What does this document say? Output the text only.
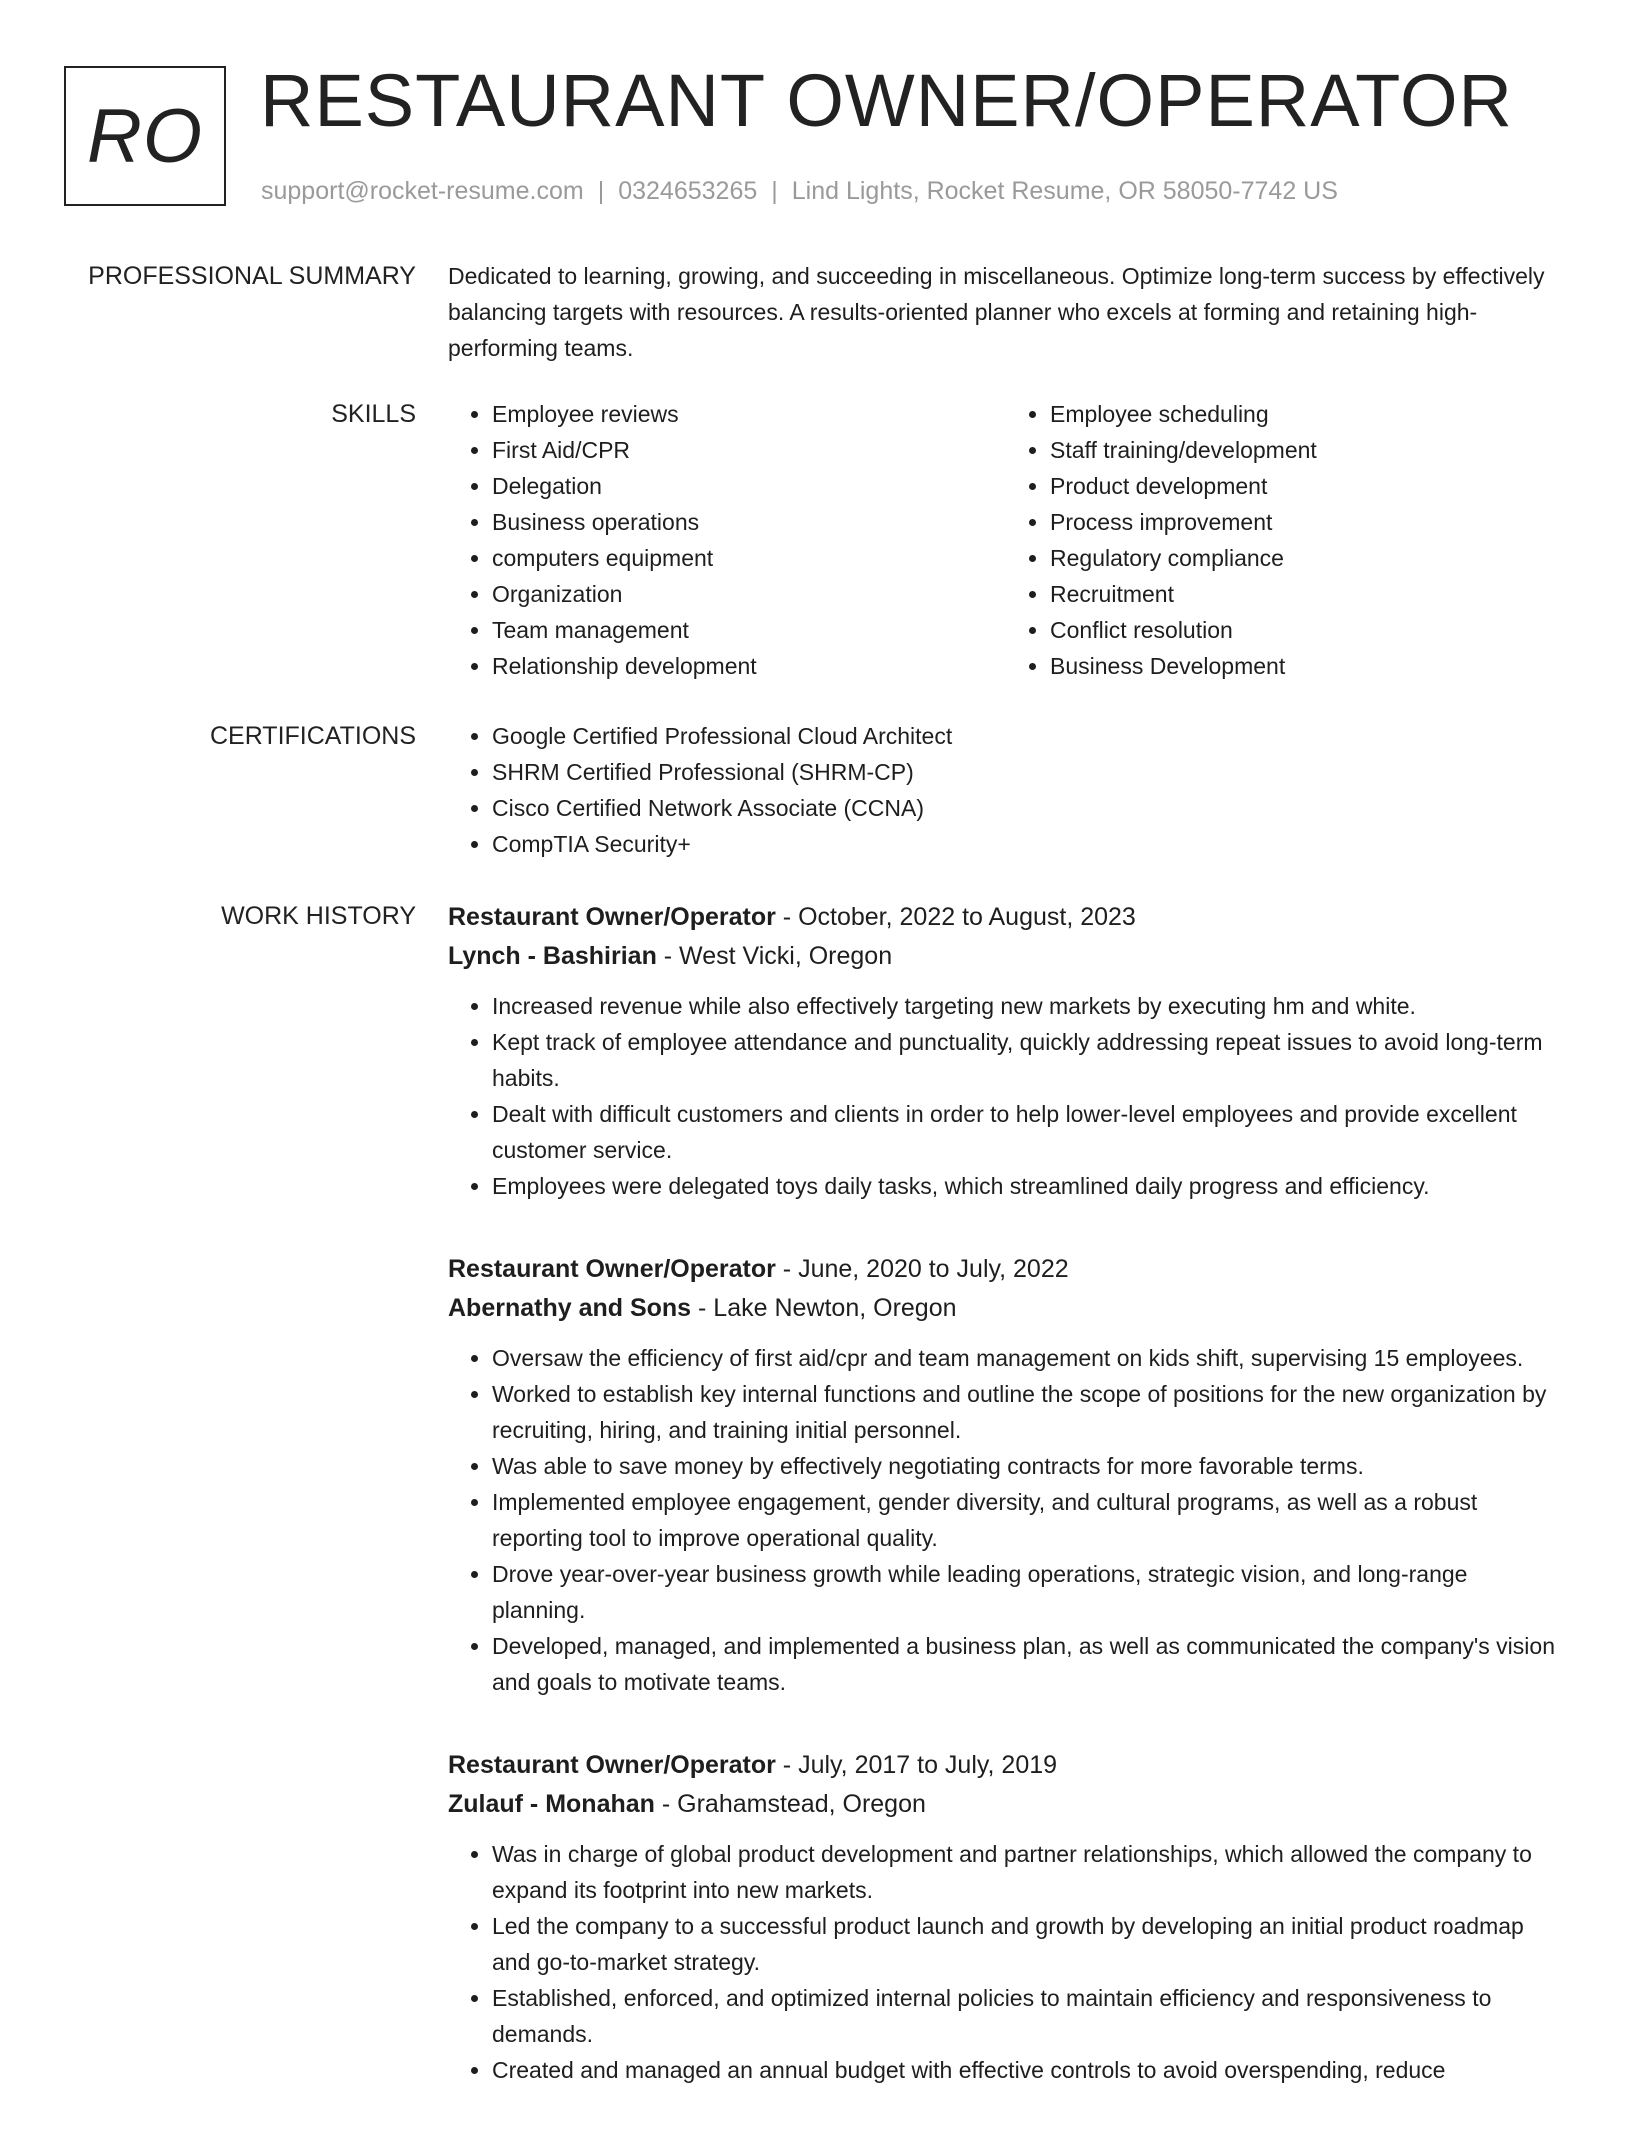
RO RESTAURANT OWNER/OPERATOR
support@rocket-resume.com | 0324653265 | Lind Lights, Rocket Resume, OR 58050-7742 US
PROFESSIONAL SUMMARY Dedicated to learning, growing, and succeeding in miscellaneous. Optimize long-term success by effectively balancing targets with resources. A results-oriented planner who excels at forming and retaining high-performing teams.

SKILLS	• Employee reviews
• First Aid/CPR
• Delegation
• Business operations
• computers equipment
• Organization
• Team management
• Relationship development
• Employee scheduling
• Staff training/development
• Product development
• Process improvement
• Regulatory compliance
• Recruitment
• Conflict resolution
• Business Development
CERTIFICATIONS	• Google Certified Professional Cloud Architect
• SHRM Certified Professional (SHRM-CP)
• Cisco Certified Network Associate (CCNA)
• CompTIA Security+
WORK HISTORY Restaurant Owner/Operator - October, 2022 to August, 2023
Lynch - Bashirian - West Vicki, Oregon
• Increased revenue while also effectively targeting new markets by executing hm and white.
• Kept track of employee attendance and punctuality, quickly addressing repeat issues to avoid long-term habits.
• Dealt with difficult customers and clients in order to help lower-level employees and provide excellent customer service.
• Employees were delegated toys daily tasks, which streamlined daily progress and efficiency.
Restaurant Owner/Operator - June, 2020 to July, 2022
Abernathy and Sons - Lake Newton, Oregon
• Oversaw the efficiency of first aid/cpr and team management on kids shift, supervising 15 employees.
• Worked to establish key internal functions and outline the scope of positions for the new organization by recruiting, hiring, and training initial personnel.
• Was able to save money by effectively negotiating contracts for more favorable terms.
• Implemented employee engagement, gender diversity, and cultural programs, as well as a robust reporting tool to improve operational quality.
• Drove year-over-year business growth while leading operations, strategic vision, and long-range planning.
• Developed, managed, and implemented a business plan, as well as communicated the company's vision and goals to motivate teams.
Restaurant Owner/Operator - July, 2017 to July, 2019
Zulauf - Monahan - Grahamstead, Oregon
• Was in charge of global product development and partner relationships, which allowed the company to expand its footprint into new markets.
• Led the company to a successful product launch and growth by developing an initial product roadmap and go-to-market strategy.
• Established, enforced, and optimized internal policies to maintain efficiency and responsiveness to demands.
• Created and managed an annual budget with effective controls to avoid overspending, reduce
